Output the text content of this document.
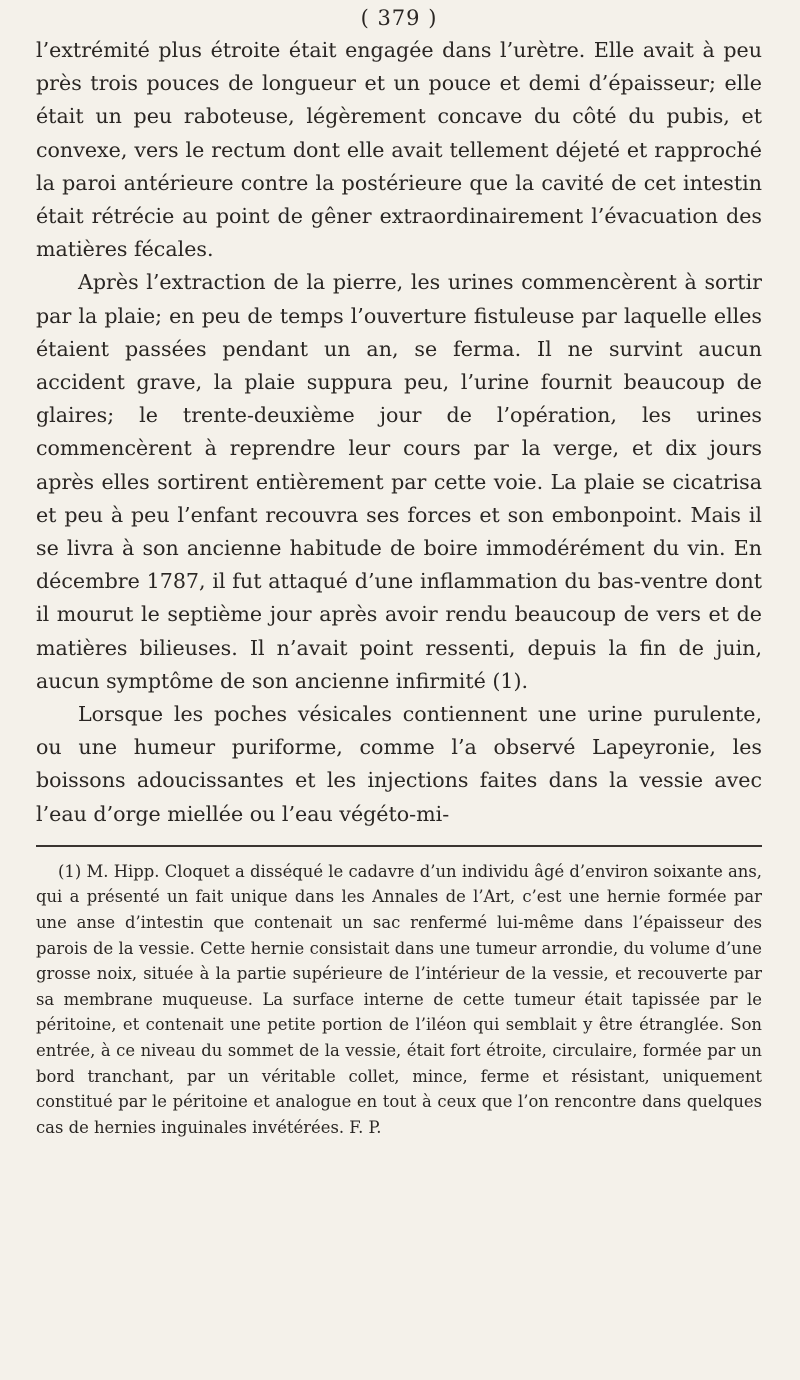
( 379 )

l’extrémité plus étroite était engagée dans l’urètre. Elle avait à peu près trois pouces de longueur et un pouce et demi d’épaisseur; elle était un peu raboteuse, légèrement concave du côté du pubis, et convexe, vers le rectum dont elle avait tellement déjeté et rapproché la paroi antérieure contre la postérieure que la cavité de cet intestin était rétrécie au point de gêner extraordinairement l’évacuation des matières fécales.

Après l’extraction de la pierre, les urines commencèrent à sortir par la plaie; en peu de temps l’ouverture fistuleuse par laquelle elles étaient passées pendant un an, se ferma. Il ne survint aucun accident grave, la plaie suppura peu, l’urine fournit beaucoup de glaires; le trente-deuxième jour de l’opération, les urines commencèrent à reprendre leur cours par la verge, et dix jours après elles sortirent entièrement par cette voie. La plaie se cicatrisa et peu à peu l’enfant recouvra ses forces et son embonpoint. Mais il se livra à son ancienne habitude de boire immodérément du vin. En décembre 1787, il fut attaqué d’une inflammation du bas-ventre dont il mourut le septième jour après avoir rendu beaucoup de vers et de matières bilieuses. Il n’avait point ressenti, depuis la fin de juin, aucun symptôme de son ancienne infirmité (1).

Lorsque les poches vésicales contiennent une urine purulente, ou une humeur puriforme, comme l’a observé Lapeyronie, les boissons adoucissantes et les injections faites dans la vessie avec l’eau d’orge miellée ou l’eau végéto-mi-

(1) M. Hipp. Cloquet a disséqué le cadavre d’un individu âgé d’environ soixante ans, qui a présenté un fait unique dans les Annales de l’Art, c’est une hernie formée par une anse d’intestin que contenait un sac renfermé lui-même dans l’épaisseur des parois de la vessie. Cette hernie consistait dans une tumeur arrondie, du volume d’une grosse noix, située à la partie supérieure de l’intérieur de la vessie, et recouverte par sa membrane muqueuse. La surface interne de cette tumeur était tapissée par le péritoine, et contenait une petite portion de l’iléon qui semblait y être étranglée. Son entrée, à ce niveau du sommet de la vessie, était fort étroite, circulaire, formée par un bord tranchant, par un véritable collet, mince, ferme et résistant, uniquement constitué par le péritoine et analogue en tout à ceux que l’on rencontre dans quelques cas de hernies inguinales invétérées. F. P.
